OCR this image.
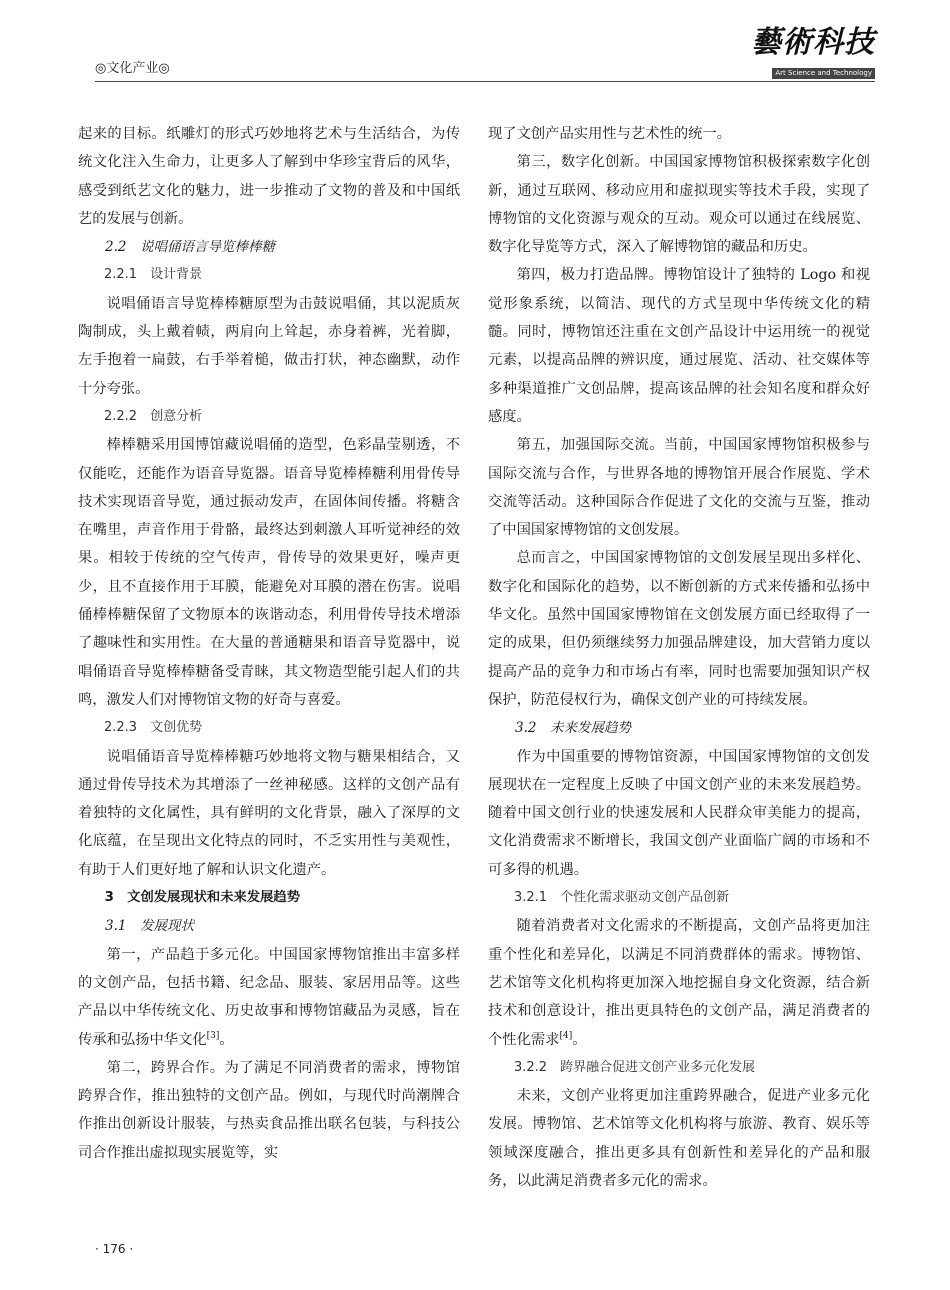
◎文化产业◎
藝術科技
Art Science and Technology

起来的目标。纸雕灯的形式巧妙地将艺术与生活结合，为传统文化注入生命力，让更多人了解到中华珍宝背后的风华，感受到纸艺文化的魅力，进一步推动了文物的普及和中国纸艺的发展与创新。

2.2　说唱俑语言导览棒棒糖
2.2.1　设计背景

说唱俑语言导览棒棒糖原型为击鼓说唱俑，其以泥质灰陶制成，头上戴着帻，两肩向上耸起，赤身着裤，光着脚，左手抱着一扁鼓，右手举着槌，做击打状，神态幽默，动作十分夸张。

2.2.2　创意分析

棒棒糖采用国博馆藏说唱俑的造型，色彩晶莹剔透，不仅能吃，还能作为语音导览器。语音导览棒棒糖利用骨传导技术实现语音导览，通过振动发声，在固体间传播。将糖含在嘴里，声音作用于骨骼，最终达到刺激人耳听觉神经的效果。相较于传统的空气传声，骨传导的效果更好，噪声更少，且不直接作用于耳膜，能避免对耳膜的潜在伤害。说唱俑棒棒糖保留了文物原本的诙谐动态，利用骨传导技术增添了趣味性和实用性。在大量的普通糖果和语音导览器中，说唱俑语音导览棒棒糖备受青睐，其文物造型能引起人们的共鸣，激发人们对博物馆文物的好奇与喜爱。

2.2.3　文创优势

说唱俑语音导览棒棒糖巧妙地将文物与糖果相结合，又通过骨传导技术为其增添了一丝神秘感。这样的文创产品有着独特的文化属性，具有鲜明的文化背景，融入了深厚的文化底蕴，在呈现出文化特点的同时，不乏实用性与美观性，有助于人们更好地了解和认识文化遗产。

3　文创发展现状和未来发展趋势
3.1　发展现状

第一，产品趋于多元化。中国国家博物馆推出丰富多样的文创产品，包括书籍、纪念品、服装、家居用品等。这些产品以中华传统文化、历史故事和博物馆藏品为灵感，旨在传承和弘扬中华文化[3]。

第二，跨界合作。为了满足不同消费者的需求，博物馆跨界合作，推出独特的文创产品。例如，与现代时尚潮牌合作推出创新设计服装，与热卖食品推出联名包装，与科技公司合作推出虚拟现实展览等，实

现了文创产品实用性与艺术性的统一。

第三，数字化创新。中国国家博物馆积极探索数字化创新，通过互联网、移动应用和虚拟现实等技术手段，实现了博物馆的文化资源与观众的互动。观众可以通过在线展览、数字化导览等方式，深入了解博物馆的藏品和历史。

第四，极力打造品牌。博物馆设计了独特的 Logo 和视觉形象系统，以简洁、现代的方式呈现中华传统文化的精髓。同时，博物馆还注重在文创产品设计中运用统一的视觉元素，以提高品牌的辨识度，通过展览、活动、社交媒体等多种渠道推广文创品牌，提高该品牌的社会知名度和群众好感度。

第五，加强国际交流。当前，中国国家博物馆积极参与国际交流与合作，与世界各地的博物馆开展合作展览、学术交流等活动。这种国际合作促进了文化的交流与互鉴，推动了中国国家博物馆的文创发展。

总而言之，中国国家博物馆的文创发展呈现出多样化、数字化和国际化的趋势，以不断创新的方式来传播和弘扬中华文化。虽然中国国家博物馆在文创发展方面已经取得了一定的成果，但仍须继续努力加强品牌建设，加大营销力度以提高产品的竞争力和市场占有率，同时也需要加强知识产权保护，防范侵权行为，确保文创产业的可持续发展。

3.2　未来发展趋势

作为中国重要的博物馆资源，中国国家博物馆的文创发展现状在一定程度上反映了中国文创产业的未来发展趋势。随着中国文创行业的快速发展和人民群众审美能力的提高，文化消费需求不断增长，我国文创产业面临广阔的市场和不可多得的机遇。

3.2.1　个性化需求驱动文创产品创新

随着消费者对文化需求的不断提高，文创产品将更加注重个性化和差异化，以满足不同消费群体的需求。博物馆、艺术馆等文化机构将更加深入地挖掘自身文化资源，结合新技术和创意设计，推出更具特色的文创产品，满足消费者的个性化需求[4]。

3.2.2　跨界融合促进文创产业多元化发展

未来，文创产业将更加注重跨界融合，促进产业多元化发展。博物馆、艺术馆等文化机构将与旅游、教育、娱乐等领域深度融合，推出更多具有创新性和差异化的产品和服务，以此满足消费者多元化的需求。

· 176 ·
